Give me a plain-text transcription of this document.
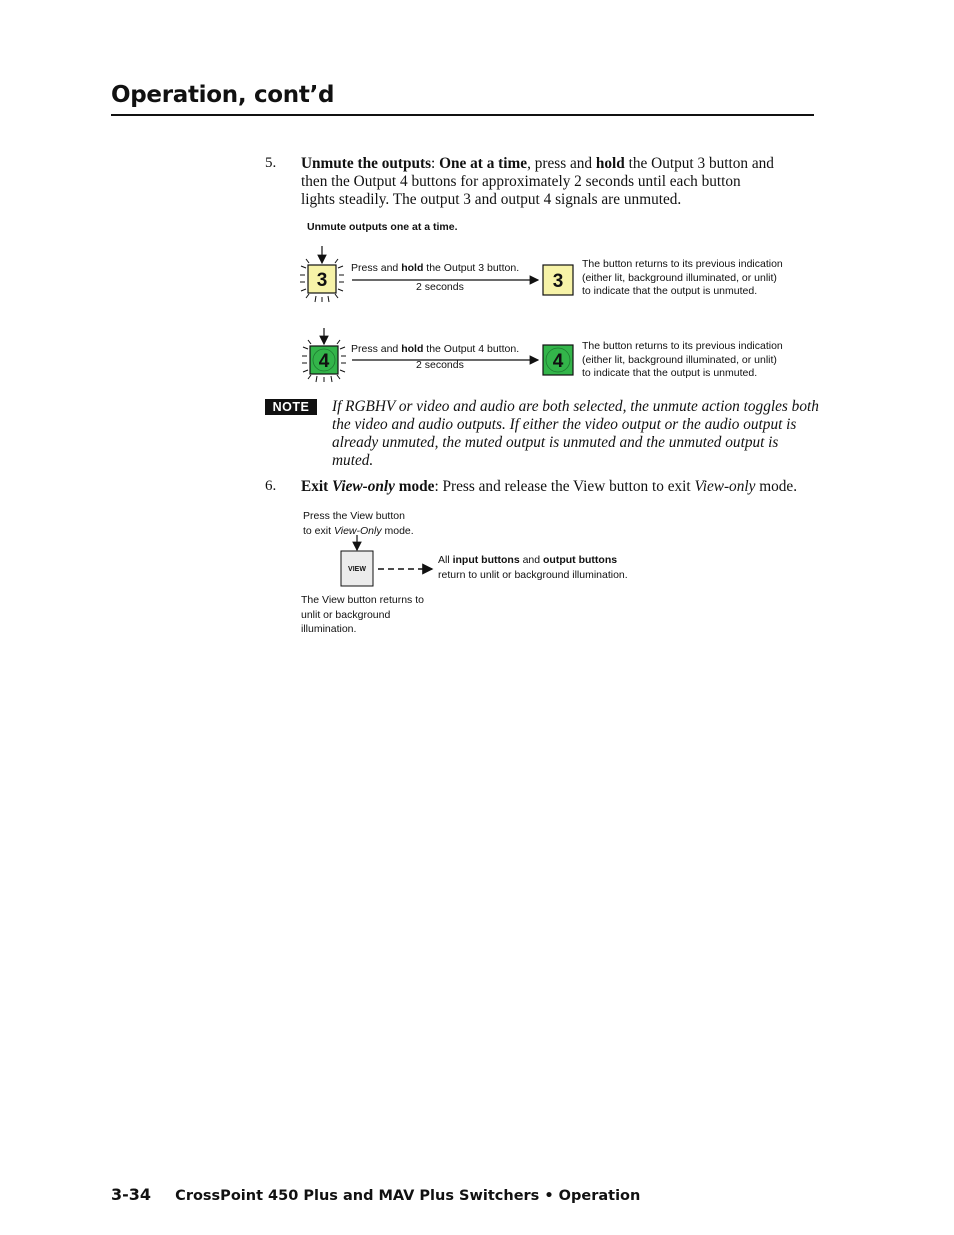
Operation, cont’d
5. Unmute the outputs: One at a time, press and hold the Output 3 button and
then the Output 4 buttons for approximately 2 seconds until each button
lights steadily. The output 3 and output 4 signals are unmuted.
Unmute outputs one at a time.
3	3
4	4
Press and hold the Output 3 button.
2 seconds
The button returns to its previous indication
(either lit, background illuminated, or unlit)
to indicate that the output is unmuted.
Press and hold the Output 4 button.
2 seconds
The button returns to its previous indication
(either lit, background illuminated, or unlit)
to indicate that the output is unmuted.
NOTE	If RGBHV or video and audio are both selected, the unmute action toggles both
the video and audio outputs. If either the video output or the audio output is
already unmuted, the muted output is unmuted and the unmuted output is
muted.
6. Exit View-only mode: Press and release the View button to exit View-only mode.
Press the View button
to exit View-Only mode.
VIEW
All input buttons and output buttons
return to unlit or background illumination.
The View button returns to
unlit or background
illumination.
3-34 CrossPoint 450 Plus and MAV Plus Switchers • Operation
